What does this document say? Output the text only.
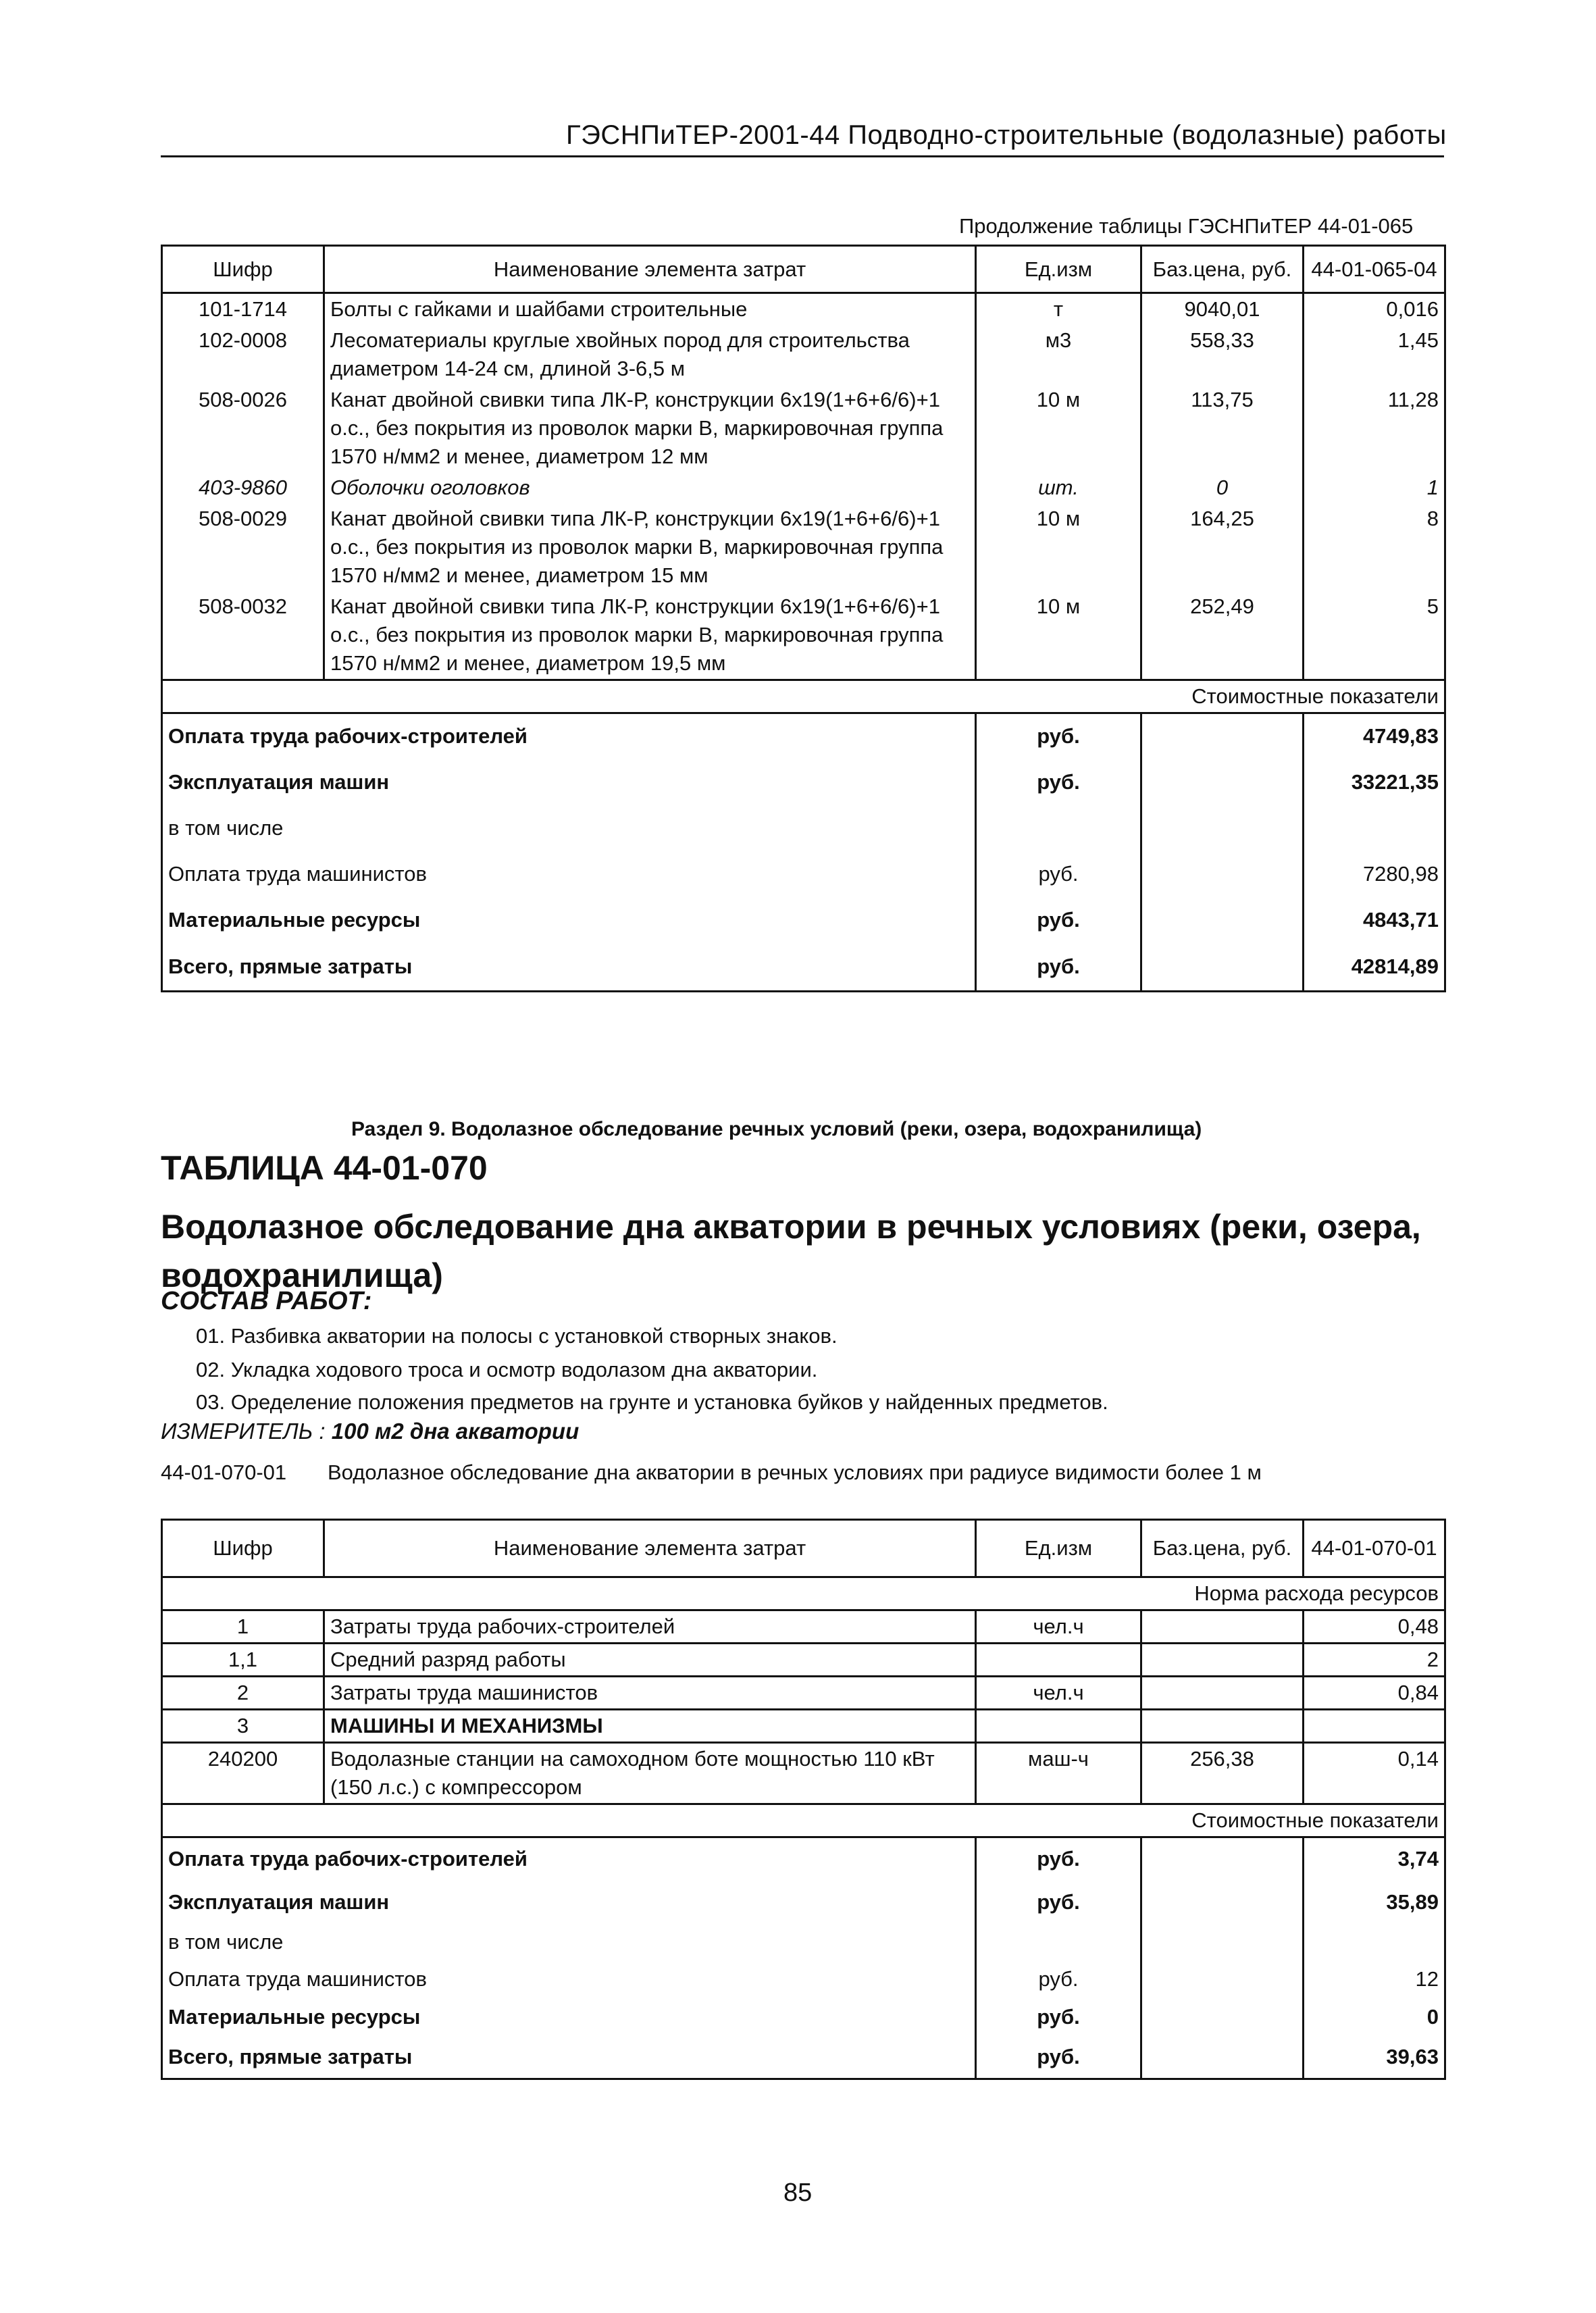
ГЭСНПиТЕР-2001-44 Подводно-строительные (водолазные) работы
Продолжение таблицы ГЭСНПиТЕР 44-01-065
Шифр	Наименование элемента затрат	Ед.изм	Баз.цена, руб.	44-01-065-04
101-1714	Болты с гайками и шайбами строительные	т	9040,01	0,016
102-0008	Лесоматериалы круглые хвойных пород для строительства диаметром 14-24 см, длиной 3-6,5 м	м3	558,33	1,45
508-0026	Канат двойной свивки типа ЛК-Р, конструкции 6х19(1+6+6/6)+1 о.с., без покрытия из проволок марки В, маркировочная группа 1570 н/мм2 и менее, диаметром 12 мм	10 м	113,75	11,28
403-9860	Оболочки оголовков	шт.	0	1
508-0029	Канат двойной свивки типа ЛК-Р, конструкции 6х19(1+6+6/6)+1 о.с., без покрытия из проволок марки В, маркировочная группа 1570 н/мм2 и менее, диаметром 15 мм	10 м	164,25	8
508-0032	Канат двойной свивки типа ЛК-Р, конструкции 6х19(1+6+6/6)+1 о.с., без покрытия из проволок марки В, маркировочная группа 1570 н/мм2 и менее, диаметром 19,5 мм	10 м	252,49	5
Стоимостные показатели				
Оплата труда рабочих-строителей		руб.		4749,83
Эксплуатация машин		руб.		33221,35
в том числе				
Оплата труда машинистов		руб.		7280,98
Материальные ресурсы		руб.		4843,71
Всего, прямые затраты		руб.		42814,89
Раздел 9. Водолазное обследование речных условий (реки, озера, водохранилища)
ТАБЛИЦА 44-01-070
Водолазное обследование дна акватории в речных условиях (реки, озера, водохранилища)
СОСТАВ РАБОТ:
01. Разбивка акватории на полосы с установкой створных знаков.
02. Укладка ходового троса и осмотр водолазом дна акватории.
03. Оределение положения предметов на грунте и установка буйков у найденных предметов.
ИЗМЕРИТЕЛЬ : 100 м2 дна акватории
44-01-070-01 Водолазное обследование дна акватории в речных условиях при радиусе видимости более 1 м
Шифр	Наименование элемента затрат	Ед.изм	Баз.цена, руб.	44-01-070-01
Норма расхода ресурсов				
1	Затраты труда рабочих-строителей	чел.ч		0,48
1,1	Средний разряд работы			2
2	Затраты труда машинистов	чел.ч		0,84
3	МАШИНЫ И МЕХАНИЗМЫ			
240200	Водолазные станции на самоходном боте мощностью 110 кВт (150 л.с.) с компрессором	маш-ч	256,38	0,14
Стоимостные показатели				
Оплата труда рабочих-строителей		руб.		3,74
Эксплуатация машин		руб.		35,89
в том числе				
Оплата труда машинистов		руб.		12
Материальные ресурсы		руб.		0
Всего, прямые затраты		руб.		39,63
85
